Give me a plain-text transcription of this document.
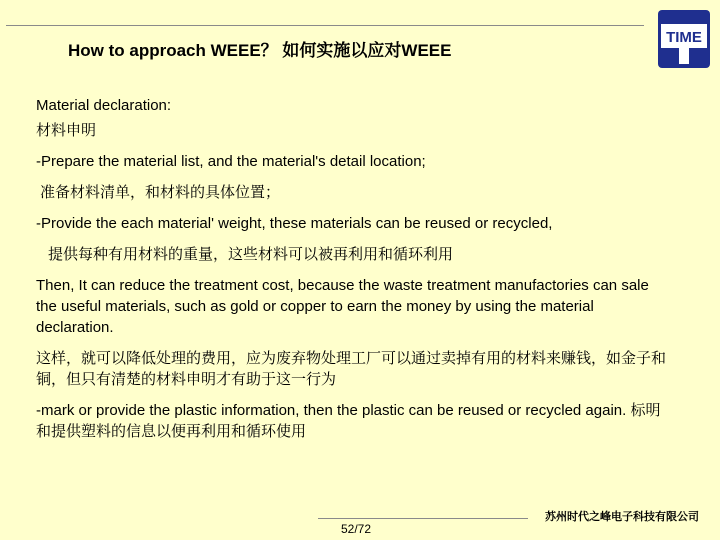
TIME
How to approach WEEE？ 如何实施以应对WEEE

Material declaration:

材料申明

-Prepare the material list, and the material's detail location;

准备材料清单，和材料的具体位置；

-Provide the each material' weight, these materials can be reused or recycled,

提供每种有用材料的重量，这些材料可以被再利用和循环利用

Then, It can reduce the treatment cost, because the waste treatment manufactories can sale the useful materials, such as gold or copper to earn the money by using the material declaration.

这样，就可以降低处理的费用，应为废弃物处理工厂可以通过卖掉有用的材料来赚钱，如金子和铜，但只有清楚的材料申明才有助于这一行为

-mark or provide the plastic information, then the plastic can be reused or recycled again. 标明和提供塑料的信息以便再利用和循环使用

52/72
苏州时代之峰电子科技有限公司
